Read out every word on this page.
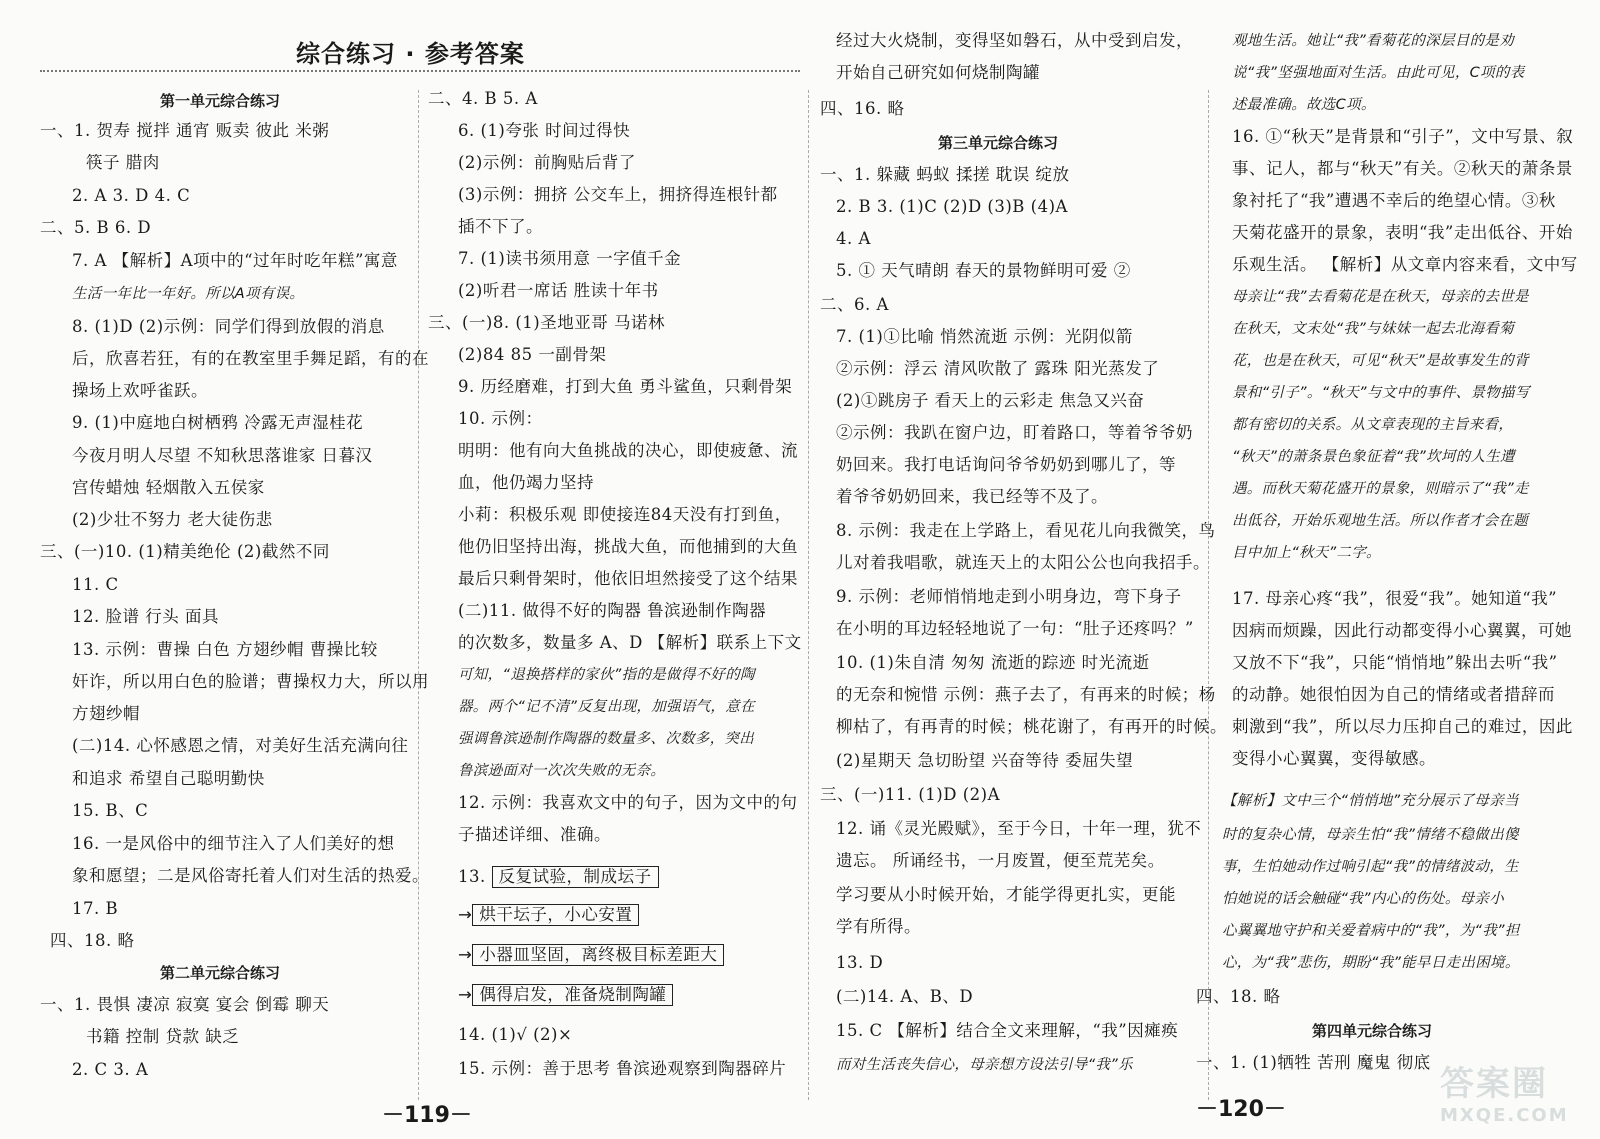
综合练习 · 参考答案
第一单元综合练习
一、1. 贺寿 搅拌 通宵 贩卖 彼此 米粥
筷子 腊肉
2. A 3. D 4. C
二、5. B 6. D
7. A 【解析】A项中的“过年时吃年糕”寓意
生活一年比一年好。所以A项有误。
8. (1)D (2)示例：同学们得到放假的消息
后，欣喜若狂，有的在教室里手舞足蹈，有的在
操场上欢呼雀跃。
9. (1)中庭地白树栖鸦 冷露无声湿桂花
今夜月明人尽望 不知秋思落谁家 日暮汉
宫传蜡烛 轻烟散入五侯家
(2)少壮不努力 老大徒伤悲
三、(一)10. (1)精美绝伦 (2)截然不同
11. C
12. 脸谱 行头 面具
13. 示例：曹操 白色 方翅纱帽 曹操比较
奸诈，所以用白色的脸谱；曹操权力大，所以用
方翅纱帽
(二)14. 心怀感恩之情，对美好生活充满向往
和追求 希望自己聪明勤快
15. B、C
16. 一是风俗中的细节注入了人们美好的想
象和愿望；二是风俗寄托着人们对生活的热爱。
17. B
四、18. 略
第二单元综合练习
一、1. 畏惧 凄凉 寂寞 宴会 倒霉 聊天
书籍 控制 贷款 缺乏
2. C 3. A
－119－
二、4. B 5. A
6. (1)夸张 时间过得快
(2)示例：前胸贴后背了
(3)示例：拥挤 公交车上，拥挤得连根针都
插不下了。
7. (1)读书须用意 一字值千金
(2)听君一席话 胜读十年书
三、(一)8. (1)圣地亚哥 马诺林
(2)84 85 一副骨架
9. 历经磨难，打到大鱼 勇斗鲨鱼，只剩骨架
10. 示例：
明明：他有向大鱼挑战的决心，即使疲惫、流
血，他仍竭力坚持
小莉：积极乐观 即使接连84天没有打到鱼，
他仍旧坚持出海，挑战大鱼，而他捕到的大鱼
最后只剩骨架时，他依旧坦然接受了这个结果
(二)11. 做得不好的陶器 鲁滨逊制作陶器
的次数多，数量多 A、D 【解析】联系上下文
可知，“退换搭样的家伙”指的是做得不好的陶
器。两个“记不清”反复出现，加强语气，意在
强调鲁滨逊制作陶器的数量多、次数多，突出
鲁滨逊面对一次次失败的无奈。
12. 示例：我喜欢文中的句子，因为文中的句
子描述详细、准确。
13. 反复试验，制成坛子
→ 烘干坛子，小心安置
→ 小器皿坚固，离终极目标差距大
→ 偶得启发，准备烧制陶罐
14. (1)√ (2)×
15. 示例：善于思考 鲁滨逊观察到陶器碎片
经过大火烧制，变得坚如磐石，从中受到启发，
开始自己研究如何烧制陶罐
四、16. 略
第三单元综合练习
一、1. 躲藏 蚂蚁 揉搓 耽误 绽放
2. B 3. (1)C (2)D (3)B (4)A
4. A
5. ① 天气晴朗 春天的景物鲜明可爱 ②
二、6. A
7. (1)①比喻 悄然流逝 示例：光阴似箭
②示例：浮云 清风吹散了 露珠 阳光蒸发了
(2)①跳房子 看天上的云彩走 焦急又兴奋
②示例：我趴在窗户边，盯着路口，等着爷爷奶
奶回来。我打电话询问爷爷奶奶到哪儿了，等
着爷爷奶奶回来，我已经等不及了。
8. 示例：我走在上学路上，看见花儿向我微笑，鸟
儿对着我唱歌，就连天上的太阳公公也向我招手。
9. 示例：老师悄悄地走到小明身边，弯下身子
在小明的耳边轻轻地说了一句：“肚子还疼吗？”
10. (1)朱自清 匆匆 流逝的踪迹 时光流逝
的无奈和惋惜 示例：燕子去了，有再来的时候；杨
柳枯了，有再青的时候；桃花谢了，有再开的时候。
(2)星期天 急切盼望 兴奋等待 委屈失望
三、(一)11. (1)D (2)A
12. 诵《灵光殿赋》，至于今日，十年一理，犹不
遗忘。 所诵经书，一月废置，便至荒芜矣。
学习要从小时候开始，才能学得更扎实，更能
学有所得。
13. D
(二)14. A、B、D
15. C 【解析】结合全文来理解，“我”因瘫痪
而对生活丧失信心，母亲想方设法引导“我”乐
观地生活。她让“我”看菊花的深层目的是劝
说“我”坚强地面对生活。由此可见，C项的表
述最准确。故选C项。
16. ①“秋天”是背景和“引子”，文中写景、叙
事、记人，都与“秋天”有关。②秋天的萧条景
象衬托了“我”遭遇不幸后的绝望心情。③秋
天菊花盛开的景象，表明“我”走出低谷、开始
乐观生活。 【解析】从文章内容来看，文中写
母亲让“我”去看菊花是在秋天，母亲的去世是
在秋天，文末处“我”与妹妹一起去北海看菊
花，也是在秋天，可见“秋天”是故事发生的背
景和“引子”。“秋天”与文中的事件、景物描写
都有密切的关系。从文章表现的主旨来看，
“秋天”的萧条景色象征着“我”坎坷的人生遭
遇。而秋天菊花盛开的景象，则暗示了“我”走
出低谷，开始乐观地生活。所以作者才会在题
目中加上“秋天”二字。
17. 母亲心疼“我”，很爱“我”。她知道“我”
因病而烦躁，因此行动都变得小心翼翼，可她
又放不下“我”，只能“悄悄地”躲出去听“我”
的动静。她很怕因为自己的情绪或者措辞而
刺激到“我”，所以尽力压抑自己的难过，因此
变得小心翼翼，变得敏感。
【解析】文中三个“悄悄地”充分展示了母亲当
时的复杂心情，母亲生怕“我”情绪不稳做出傻
事，生怕她动作过响引起“我”的情绪波动，生
怕她说的话会触碰“我”内心的伤处。母亲小
心翼翼地守护和关爱着病中的“我”，为“我”担
心，为“我”悲伤，期盼“我”能早日走出困境。
四、18. 略
第四单元综合练习
一、1. (1)牺牲 苦刑 魔鬼 彻底
－120－
答案圈
MXQE.COM
